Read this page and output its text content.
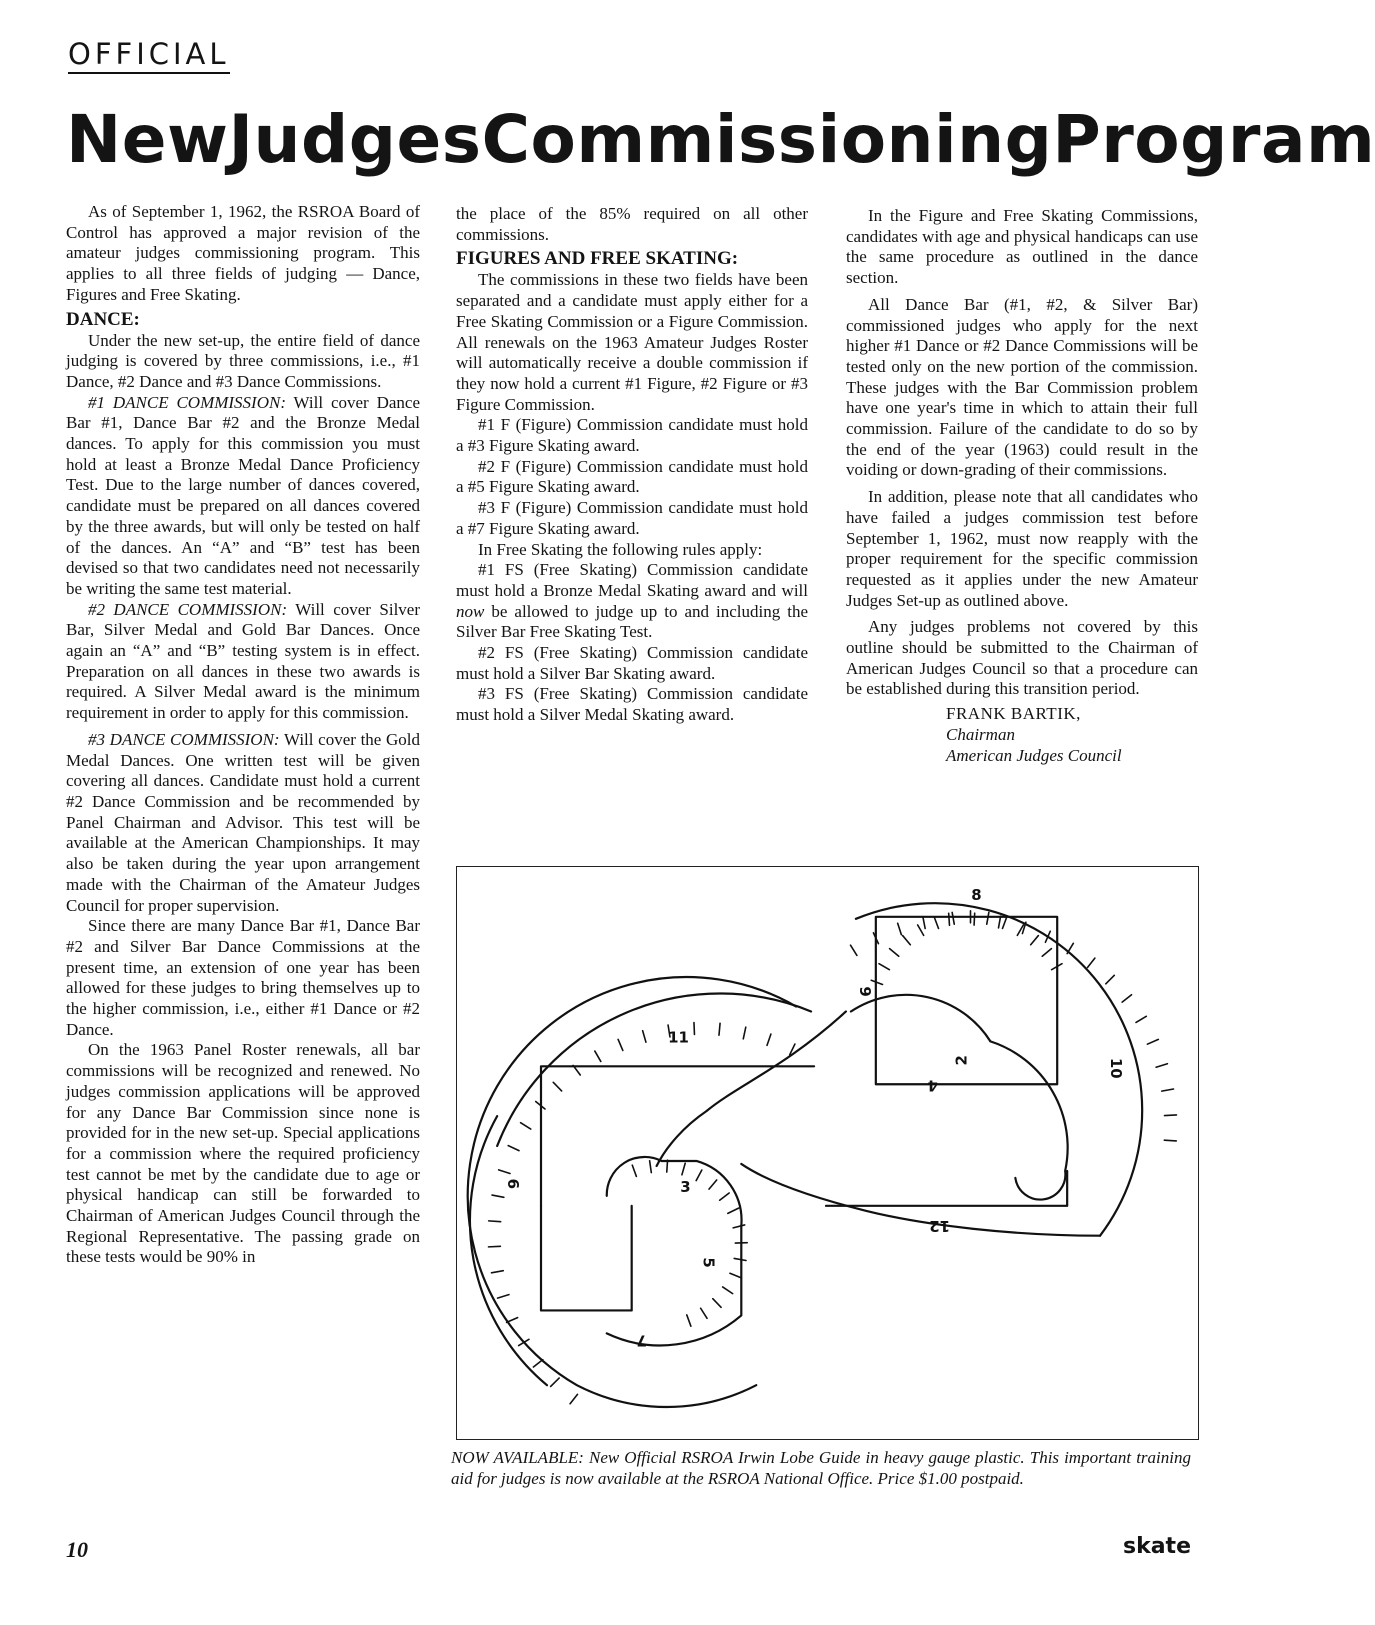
OFFICIAL
New Judges Commissioning Program

As of September 1, 1962, the RSROA Board of Control has approved a major revision of the amateur judges commissioning program. This applies to all three fields of judging — Dance, Figures and Free Skating.

DANCE:

Under the new set-up, the entire field of dance judging is covered by three commissions, i.e., #1 Dance, #2 Dance and #3 Dance Commissions.

#1 DANCE COMMISSION: Will cover Dance Bar #1, Dance Bar #2 and the Bronze Medal dances. To apply for this commission you must hold at least a Bronze Medal Dance Proficiency Test. Due to the large number of dances covered, candidate must be prepared on all dances covered by the three awards, but will only be tested on half of the dances. An “A” and “B” test has been devised so that two candidates need not necessarily be writing the same test material.

#2 DANCE COMMISSION: Will cover Silver Bar, Silver Medal and Gold Bar Dances. Once again an “A” and “B” testing system is in effect. Preparation on all dances in these two awards is required. A Silver Medal award is the minimum requirement in order to apply for this commission.

#3 DANCE COMMISSION: Will cover the Gold Medal Dances. One written test will be given covering all dances. Candidate must hold a current #2 Dance Commission and be recommended by Panel Chairman and Advisor. This test will be available at the American Championships. It may also be taken during the year upon arrangement made with the Chairman of the Amateur Judges Council for proper supervision.

Since there are many Dance Bar #1, Dance Bar #2 and Silver Bar Dance Commissions at the present time, an extension of one year has been allowed for these judges to bring themselves up to the higher commission, i.e., either #1 Dance or #2 Dance.

On the 1963 Panel Roster renewals, all bar commissions will be recognized and renewed. No judges commission applications will be approved for any Dance Bar Commission since none is provided for in the new set-up. Special applications for a commission where the required proficiency test cannot be met by the candidate due to age or physical handicap can still be forwarded to Chairman of American Judges Council through the Regional Representative. The passing grade on these tests would be 90% in

the place of the 85% required on all other commissions.

FIGURES AND FREE SKATING:

The commissions in these two fields have been separated and a candidate must apply either for a Free Skating Commission or a Figure Commission. All renewals on the 1963 Amateur Judges Roster will automatically receive a double commission if they now hold a current #1 Figure, #2 Figure or #3 Figure Commission.

#1 F (Figure) Commission candidate must hold a #3 Figure Skating award.

#2 F (Figure) Commission candidate must hold a #5 Figure Skating award.

#3 F (Figure) Commission candidate must hold a #7 Figure Skating award.

In Free Skating the following rules apply:

#1 FS (Free Skating) Commission candidate must hold a Bronze Medal Skating award and will now be allowed to judge up to and including the Silver Bar Free Skating Test.

#2 FS (Free Skating) Commission candidate must hold a Silver Bar Skating award.

#3 FS (Free Skating) Commission candidate must hold a Silver Medal Skating award.

In the Figure and Free Skating Commissions, candidates with age and physical handicaps can use the same procedure as outlined in the dance section.

All Dance Bar (#1, #2, & Silver Bar) commissioned judges who apply for the next higher #1 Dance or #2 Dance Commissions will be tested only on the new portion of the commission. These judges with the Bar Commission problem have one year's time in which to attain their full commission. Failure of the candidate to do so by the end of the year (1963) could result in the voiding or down-grading of their commissions.

In addition, please note that all candidates who have failed a judges commission test before September 1, 1962, must now reapply with the proper requirement for the specific commission requested as it applies under the new Amateur Judges Set-up as outlined above.

Any judges problems not covered by this outline should be submitted to the Chairman of American Judges Council so that a procedure can be established during this transition period.

FRANK BARTIK,
Chairman
American Judges Council
8
9
2
4
10
11
6	3
5
7
12
NOW AVAILABLE: New Official RSROA Irwin Lobe Guide in heavy gauge plastic. This important training aid for judges is now available at the RSROA National Office. Price $1.00 postpaid.
10	skate
